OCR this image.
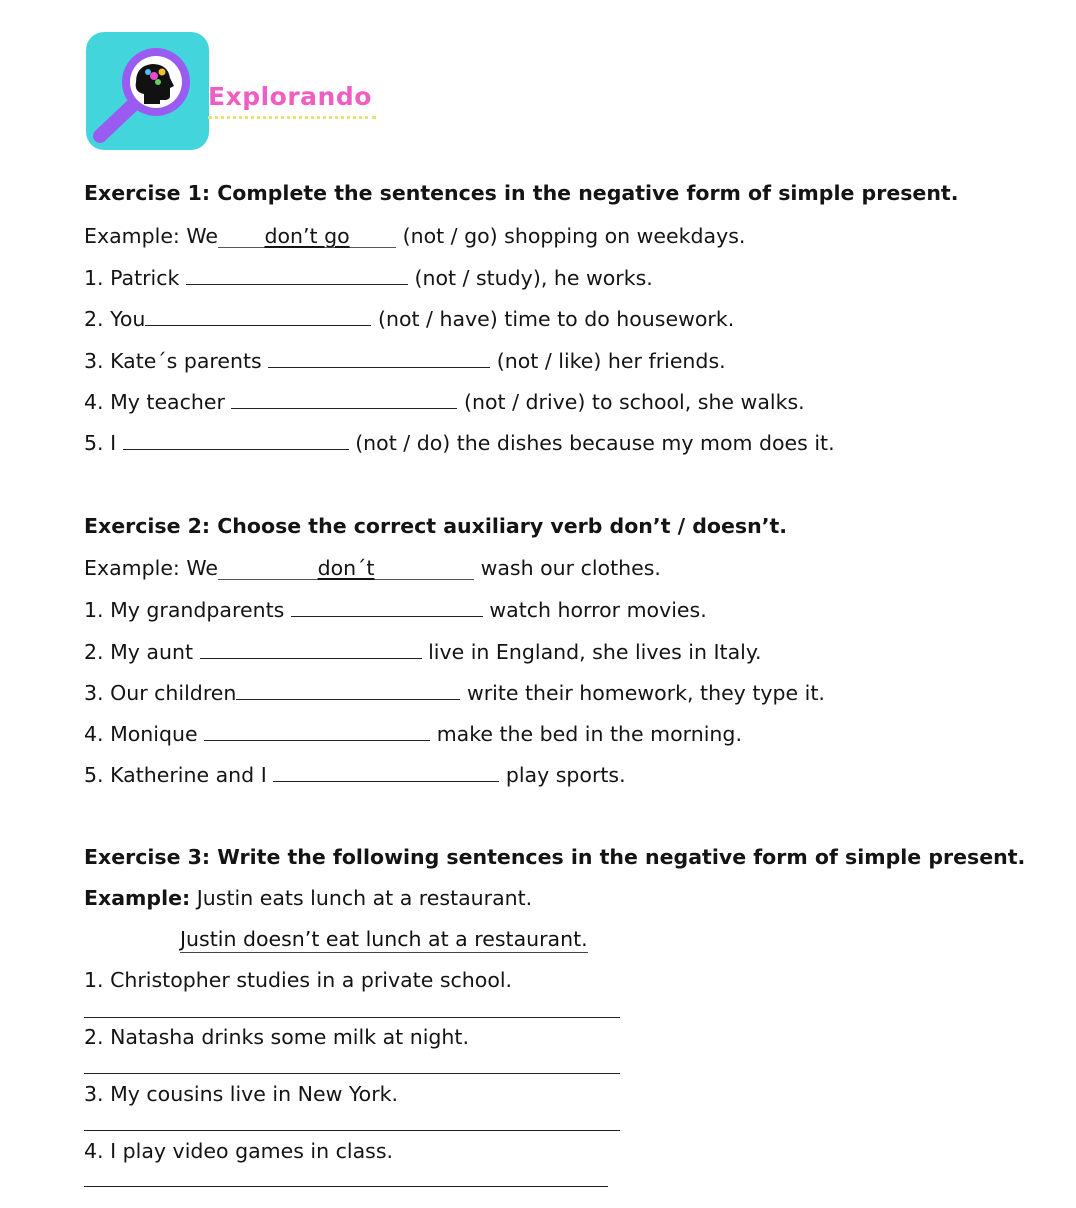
Explorando
Exercise 1: Complete the sentences in the negative form of simple present.
Example: We don’t go	(not / go) shopping on weekdays.
1. Patrick	(not / study), he works.
2. You	(not / have) time to do housework.
3. Kate´s parents	(not / like) her friends.
4. My teacher	(not / drive) to school, she walks.
5. I	(not / do) the dishes because my mom does it.
Exercise 2: Choose the correct auxiliary verb don’t / doesn’t.
Example: We	don´t	wash our clothes.
1. My grandparents	watch horror movies.
2. My aunt	live in England, she lives in Italy.
3. Our children	write their homework, they type it.
4. Monique	make the bed in the morning.
5. Katherine and I	play sports.
Exercise 3: Write the following sentences in the negative form of simple present.
Example: Justin eats lunch at a restaurant.
Justin doesn’t eat lunch at a restaurant.
1. Christopher studies in a private school.
2. Natasha drinks some milk at night.
3. My cousins live in New York.
4. I play video games in class.
